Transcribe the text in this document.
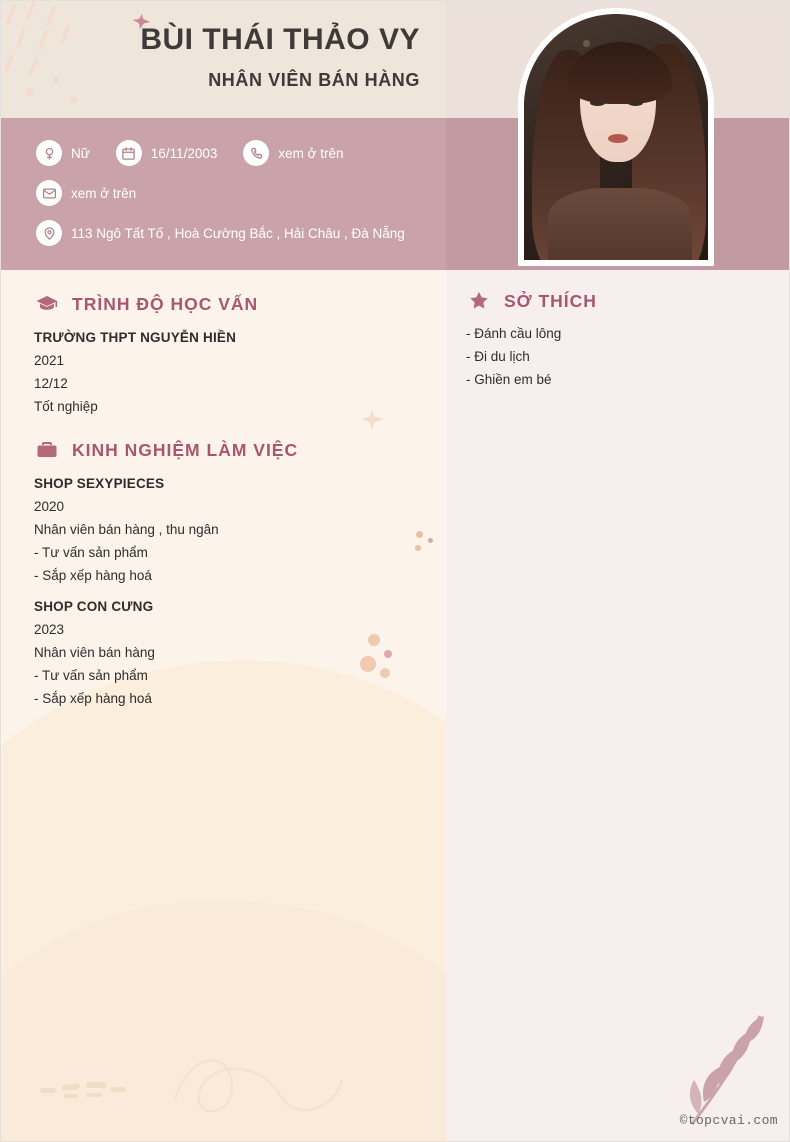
BÙI THÁI THẢO VY
NHÂN VIÊN BÁN HÀNG
Nữ	16/11/2003	xem ở trên
xem ở trên
113 Ngô Tất Tố , Hoà Cường Bắc , Hải Châu , Đà Nẵng
TRÌNH ĐỘ HỌC VẤN
TRƯỜNG THPT NGUYỄN HIỀN
2021
12/12
Tốt nghiệp
KINH NGHIỆM LÀM VIỆC
SHOP SEXYPIECES
2020
Nhân viên bán hàng , thu ngân
- Tư vấn sản phẩm
- Sắp xếp hàng hoá
SHOP CON CƯNG
2023
Nhân viên bán hàng
- Tư vấn sản phẩm
- Sắp xếp hàng hoá
SỞ THÍCH
- Đánh cầu lông
- Đi du lịch
- Ghiền em bé
©topcvai.com
